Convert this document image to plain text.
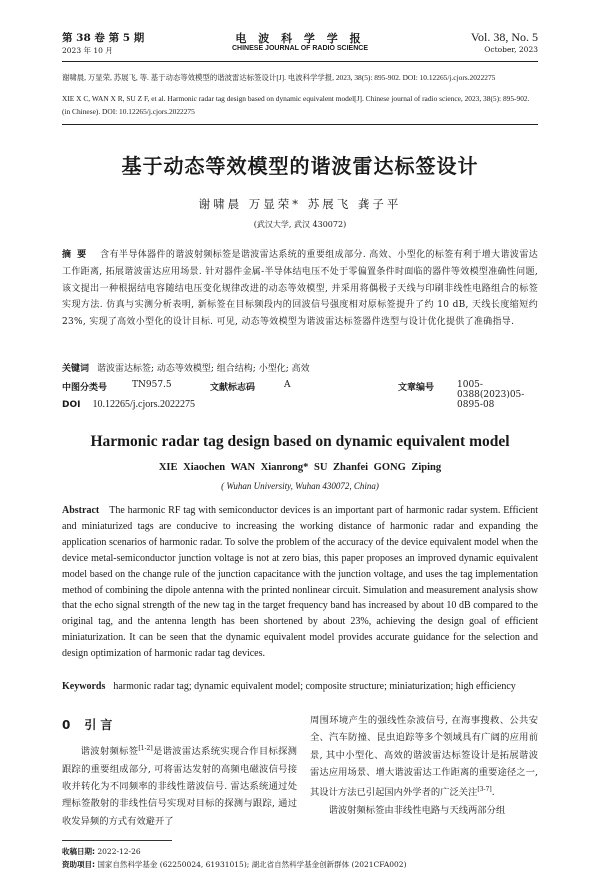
第 38 卷 第 5 期
2023 年 10 月
电 波 科 学 学 报
CHINESE JOURNAL OF RADIO SCIENCE
Vol. 38, No. 5
October, 2023
谢啸晨, 万显荣, 苏展飞, 等. 基于动态等效模型的谐波雷达标签设计[J]. 电波科学学报, 2023, 38(5): 895-902. DOI: 10.12265/j.cjors.2022275
XIE X C, WAN X R, SU Z F, et al. Harmonic radar tag design based on dynamic equivalent model[J]. Chinese journal of radio science, 2023, 38(5): 895-902.
(in Chinese). DOI: 10.12265/j.cjors.2022275
基于动态等效模型的谐波雷达标签设计
谢啸晨 万显荣* 苏展飞 龚子平
(武汉大学, 武汉 430072)
摘要 含有半导体器件的谐波射频标签是谐波雷达系统的重要组成部分. 高效、小型化的标签有利于增大谐波雷达工作距离, 拓展谐波雷达应用场景. 针对器件金属-半导体结电压不处于零偏置条件时面临的器件等效模型准确性问题, 该文提出一种根据结电容随结电压变化规律改进的动态等效模型, 并采用将偶极子天线与印刷非线性电路组合的标签实现方法. 仿真与实测分析表明, 新标签在目标频段内的回波信号强度相对原标签提升了约 10 dB, 天线长度缩短约 23%, 实现了高效小型化的设计目标. 可见, 动态等效模型为谐波雷达标签器件选型与设计优化提供了准确指导.
关键词 谐波雷达标签; 动态等效模型; 组合结构; 小型化; 高效
中图分类号	TN957.5	文献标志码	A	文章编号	1005-0388(2023)05-0895-08
DOI 10.12265/j.cjors.2022275
Harmonic radar tag design based on dynamic equivalent model
XIE Xiaochen WAN Xianrong* SU Zhanfei GONG Ziping
( Wuhan University, Wuhan 430072, China)
Abstract The harmonic RF tag with semiconductor devices is an important part of harmonic radar system. Efficient and miniaturized tags are conducive to increasing the working distance of harmonic radar and expanding the application scenarios of harmonic radar. To solve the problem of the accuracy of the device equivalent model when the device metal-semiconductor junction voltage is not at zero bias, this paper proposes an improved dynamic equivalent model based on the change rule of the junction capacitance with the junction voltage, and uses the tag implementation method of combining the dipole antenna with the printed nonlinear circuit. Simulation and measurement analysis show that the echo signal strength of the new tag in the target frequency band has increased by about 10 dB compared to the original tag, and the antenna length has been shortened by about 23%, achieving the design goal of efficient miniaturization. It can be seen that the dynamic equivalent model provides accurate guidance for the selection and design optimization of harmonic radar tag devices.
Keywords harmonic radar tag; dynamic equivalent model; composite structure; miniaturization; high efficiency
0 引言

谐波射频标签[1-2]是谐波雷达系统实现合作目标探测跟踪的重要组成部分, 可将雷达发射的高频电磁波信号接收并转化为不同频率的非线性谐波信号. 雷达系统通过处理标签散射的非线性信号实现对目标的探测与跟踪, 通过收发异频的方式有效避开了

周围环境产生的强线性杂波信号, 在海事搜救、公共安全、汽车防撞、昆虫追踪等多个领域具有广阔的应用前景, 其中小型化、高效的谐波雷达标签设计是拓展谐波雷达应用场景、增大谐波雷达工作距离的重要途径之一, 其设计方法已引起国内外学者的广泛关注[3-7].

谐波射频标签由非线性电路与天线两部分组

收稿日期: 2022-12-26
资助项目: 国家自然科学基金 (62250024, 61931015); 湖北省自然科学基金创新群体 (2021CFA002)
